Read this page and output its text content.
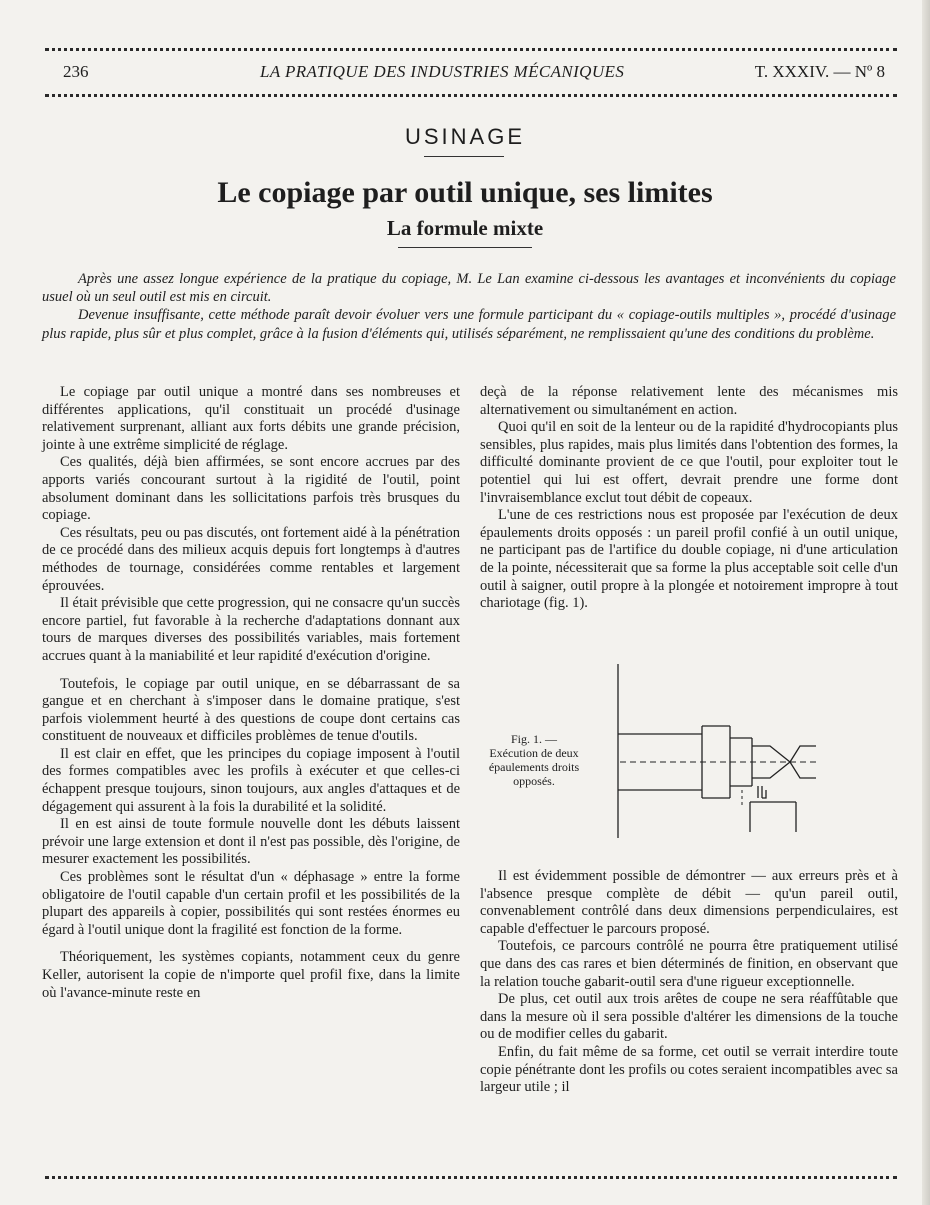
236	LA PRATIQUE DES INDUSTRIES MÉCANIQUES	T. XXXIV. — Nº 8
USINAGE
Le copiage par outil unique, ses limites
La formule mixte

Après une assez longue expérience de la pratique du copiage, M. Le Lan examine ci-dessous les avantages et inconvénients du copiage usuel où un seul outil est mis en circuit.

Devenue insuffisante, cette méthode paraît devoir évoluer vers une formule participant du « copiage-outils multiples », procédé d'usinage plus rapide, plus sûr et plus complet, grâce à la fusion d'éléments qui, utilisés séparément, ne remplissaient qu'une des conditions du problème.

Le copiage par outil unique a montré dans ses nombreuses et différentes applications, qu'il constituait un procédé d'usinage relativement surprenant, alliant aux forts débits une grande précision, jointe à une extrême simplicité de réglage.

Ces qualités, déjà bien affirmées, se sont encore accrues par des apports variés concourant surtout à la rigidité de l'outil, point absolument dominant dans les sollicitations parfois très brusques du copiage.

Ces résultats, peu ou pas discutés, ont fortement aidé à la pénétration de ce procédé dans des milieux acquis depuis fort longtemps à d'autres méthodes de tournage, considérées comme rentables et largement éprouvées.

Il était prévisible que cette progression, qui ne consacre qu'un succès encore partiel, fut favorable à la recherche d'adaptations donnant aux tours de marques diverses des possibilités variables, mais fortement accrues quant à la maniabilité et leur rapidité d'exécution d'origine.

Toutefois, le copiage par outil unique, en se débarrassant de sa gangue et en cherchant à s'imposer dans le domaine pratique, s'est parfois violemment heurté à des questions de coupe dont certains cas constituent de nouveaux et difficiles problèmes de tenue d'outils.

Il est clair en effet, que les principes du copiage imposent à l'outil des formes compatibles avec les profils à exécuter et que celles-ci échappent presque toujours, sinon toujours, aux angles d'attaques et de dégagement qui assurent à la fois la durabilité et la solidité.

Il en est ainsi de toute formule nouvelle dont les débuts laissent prévoir une large extension et dont il n'est pas possible, dès l'origine, de mesurer exactement les possibilités.

Ces problèmes sont le résultat d'un « déphasage » entre la forme obligatoire de l'outil capable d'un certain profil et les possibilités de la plupart des appareils à copier, possibilités qui sont restées énormes eu égard à l'outil unique dont la fragilité est fonction de la forme.

Théoriquement, les systèmes copiants, notamment ceux du genre Keller, autorisent la copie de n'importe quel profil fixe, dans la limite où l'avance-minute reste en

deçà de la réponse relativement lente des mécanismes mis alternativement ou simultanément en action.

Quoi qu'il en soit de la lenteur ou de la rapidité d'hydrocopiants plus sensibles, plus rapides, mais plus limités dans l'obtention des formes, la difficulté dominante provient de ce que l'outil, pour exploiter tout le potentiel qui lui est offert, devrait prendre une forme dont l'invraisemblance exclut tout débit de copeaux.

L'une de ces restrictions nous est proposée par l'exécution de deux épaulements droits opposés : un pareil profil confié à un outil unique, ne participant pas de l'artifice du double copiage, ni d'une articulation de la pointe, nécessiterait que sa forme la plus acceptable soit celle d'un outil à saigner, outil propre à la plongée et notoirement impropre à tout chariotage (fig. 1).

Fig. 1. — Exécution de deux épaulements droits opposés.

Il est évidemment possible de démontrer — aux erreurs près et à l'absence presque complète de débit — qu'un pareil outil, convenablement contrôlé dans deux dimensions perpendiculaires, est capable d'effectuer le parcours proposé.

Toutefois, ce parcours contrôlé ne pourra être pratiquement utilisé que dans des cas rares et bien déterminés de finition, en observant que la relation touche gabarit-outil sera d'une rigueur exceptionnelle.

De plus, cet outil aux trois arêtes de coupe ne sera réaffûtable que dans la mesure où il sera possible d'altérer les dimensions de la touche ou de modifier celles du gabarit.

Enfin, du fait même de sa forme, cet outil se verrait interdire toute copie pénétrante dont les profils ou cotes seraient incompatibles avec sa largeur utile ; il
